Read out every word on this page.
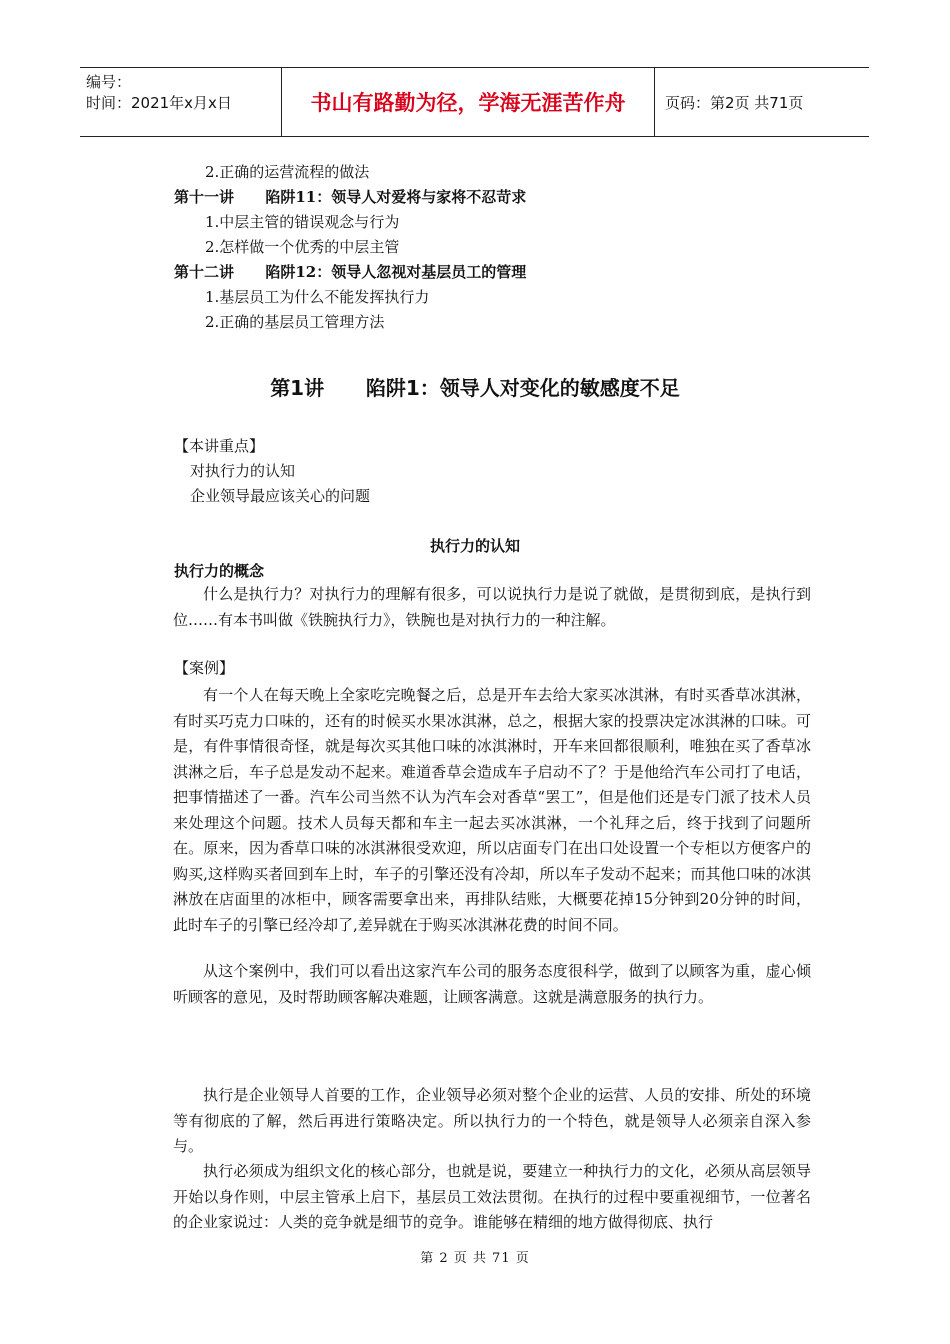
编号：
时间：2021年x月x日	书山有路勤为径，学海无涯苦作舟	页码：第2页 共71页
2.正确的运营流程的做法
第十一讲      陷阱11：领导人对爱将与家将不忍苛求
1.中层主管的错误观念与行为
2.怎样做一个优秀的中层主管
第十二讲      陷阱12：领导人忽视对基层员工的管理
1.基层员工为什么不能发挥执行力
2.正确的基层员工管理方法
第1讲      陷阱1：领导人对变化的敏感度不足
【本讲重点】
对执行力的认知
企业领导最应该关心的问题
执行力的认知
执行力的概念
什么是执行力？对执行力的理解有很多，可以说执行力是说了就做，是贯彻到底，是执行到位……有本书叫做《铁腕执行力》，铁腕也是对执行力的一种注解。
【案例】
有一个人在每天晚上全家吃完晚餐之后，总是开车去给大家买冰淇淋，有时买香草冰淇淋，有时买巧克力口味的，还有的时候买水果冰淇淋，总之，根据大家的投票决定冰淇淋的口味。可是，有件事情很奇怪，就是每次买其他口味的冰淇淋时，开车来回都很顺利，唯独在买了香草冰淇淋之后，车子总是发动不起来。难道香草会造成车子启动不了？于是他给汽车公司打了电话，把事情描述了一番。汽车公司当然不认为汽车会对香草“罢工”，但是他们还是专门派了技术人员来处理这个问题。技术人员每天都和车主一起去买冰淇淋，一个礼拜之后，终于找到了问题所在。原来，因为香草口味的冰淇淋很受欢迎，所以店面专门在出口处设置一个专柜以方便客户的购买,这样购买者回到车上时，车子的引擎还没有冷却，所以车子发动不起来；而其他口味的冰淇淋放在店面里的冰柜中，顾客需要拿出来，再排队结账，大概要花掉15分钟到20分钟的时间，此时车子的引擎已经冷却了,差异就在于购买冰淇淋花费的时间不同。
从这个案例中，我们可以看出这家汽车公司的服务态度很科学，做到了以顾客为重，虚心倾听顾客的意见，及时帮助顾客解决难题，让顾客满意。这就是满意服务的执行力。
执行是企业领导人首要的工作，企业领导必须对整个企业的运营、人员的安排、所处的环境等有彻底的了解，然后再进行策略决定。所以执行力的一个特色，就是领导人必须亲自深入参与。
执行必须成为组织文化的核心部分，也就是说，要建立一种执行力的文化，必须从高层领导开始以身作则，中层主管承上启下，基层员工效法贯彻。在执行的过程中要重视细节，一位著名的企业家说过：人类的竞争就是细节的竞争。谁能够在精细的地方做得彻底、执行
第 2 页 共 71 页
